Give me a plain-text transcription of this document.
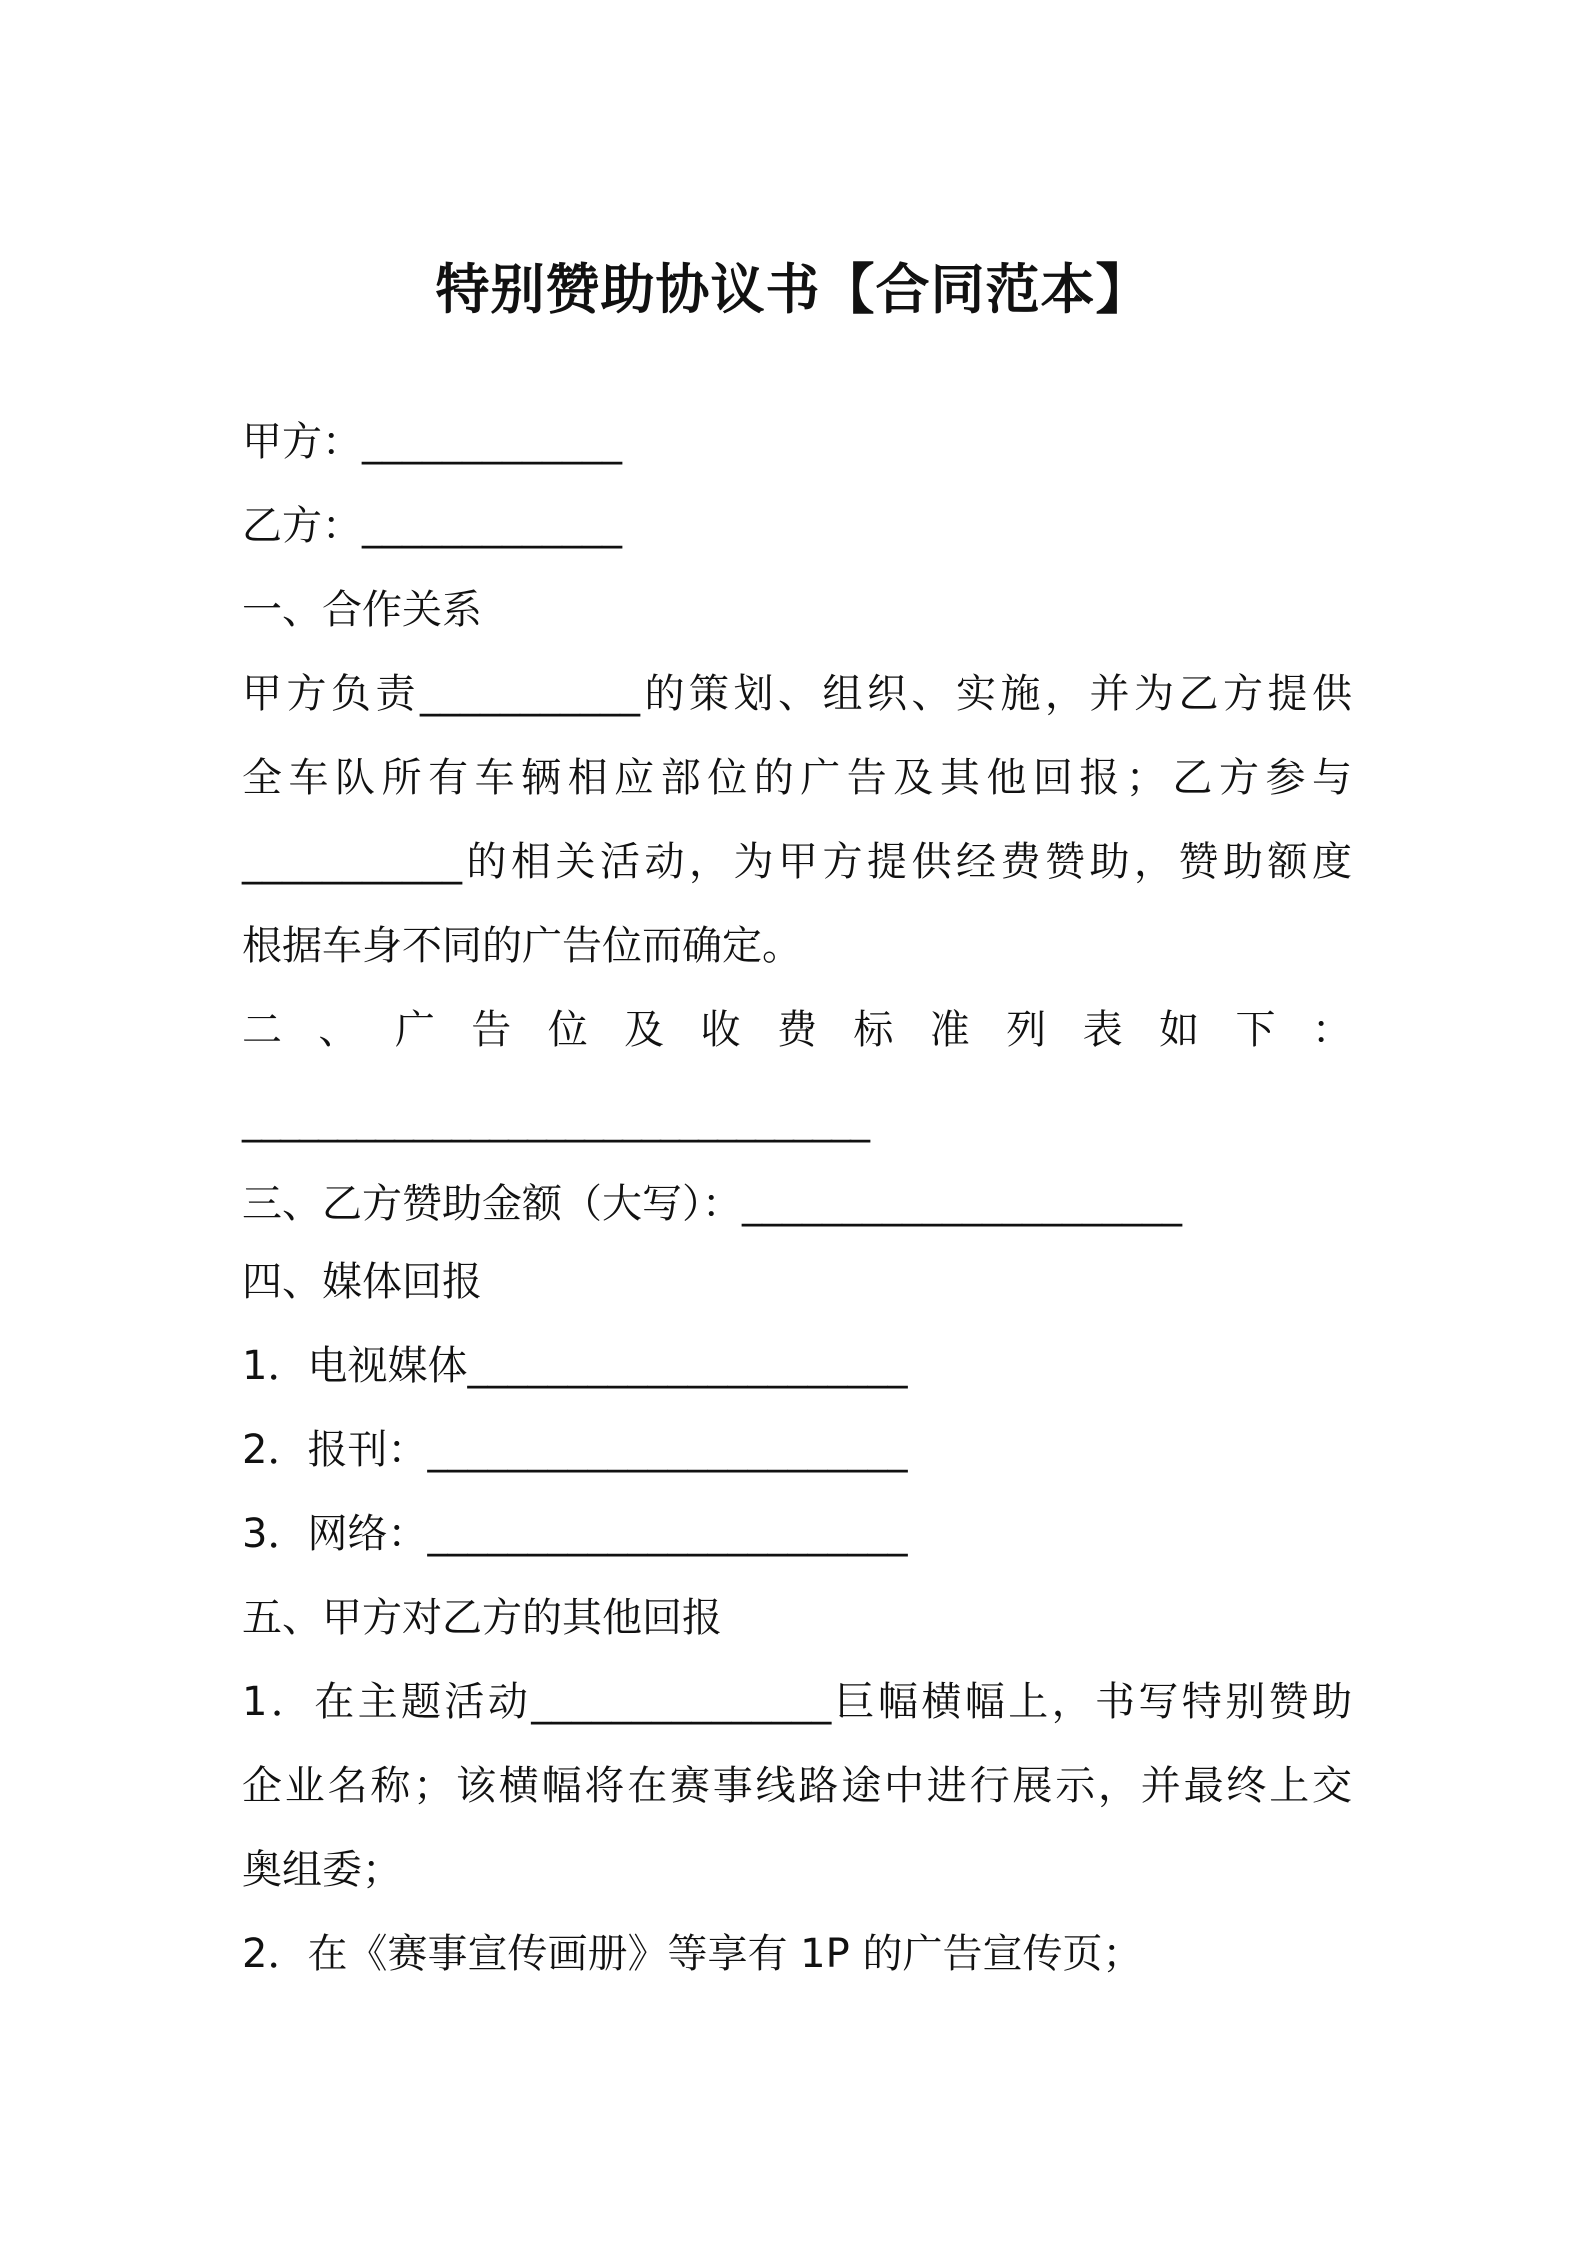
特别赞助协议书【合同范本】
甲方：_____________
乙方：_____________
一、合作关系
甲方负责___________的策划、组织、实施，并为乙方提供
全车队所有车辆相应部位的广告及其他回报；乙方参与
___________的相关活动，为甲方提供经费赞助，赞助额度
根据车身不同的广告位而确定。
二 、 广 告 位 及 收 费 标 准 列 表 如 下 ：
_________________________________
三、乙方赞助金额（大写）：______________________
四、媒体回报
1．电视媒体______________________
2．报刊：________________________
3．网络：________________________
五、甲方对乙方的其他回报
1．在主题活动_______________巨幅横幅上，书写特别赞助
企业名称；该横幅将在赛事线路途中进行展示，并最终上交
奥组委；
2．在《赛事宣传画册》等享有 1P 的广告宣传页；
